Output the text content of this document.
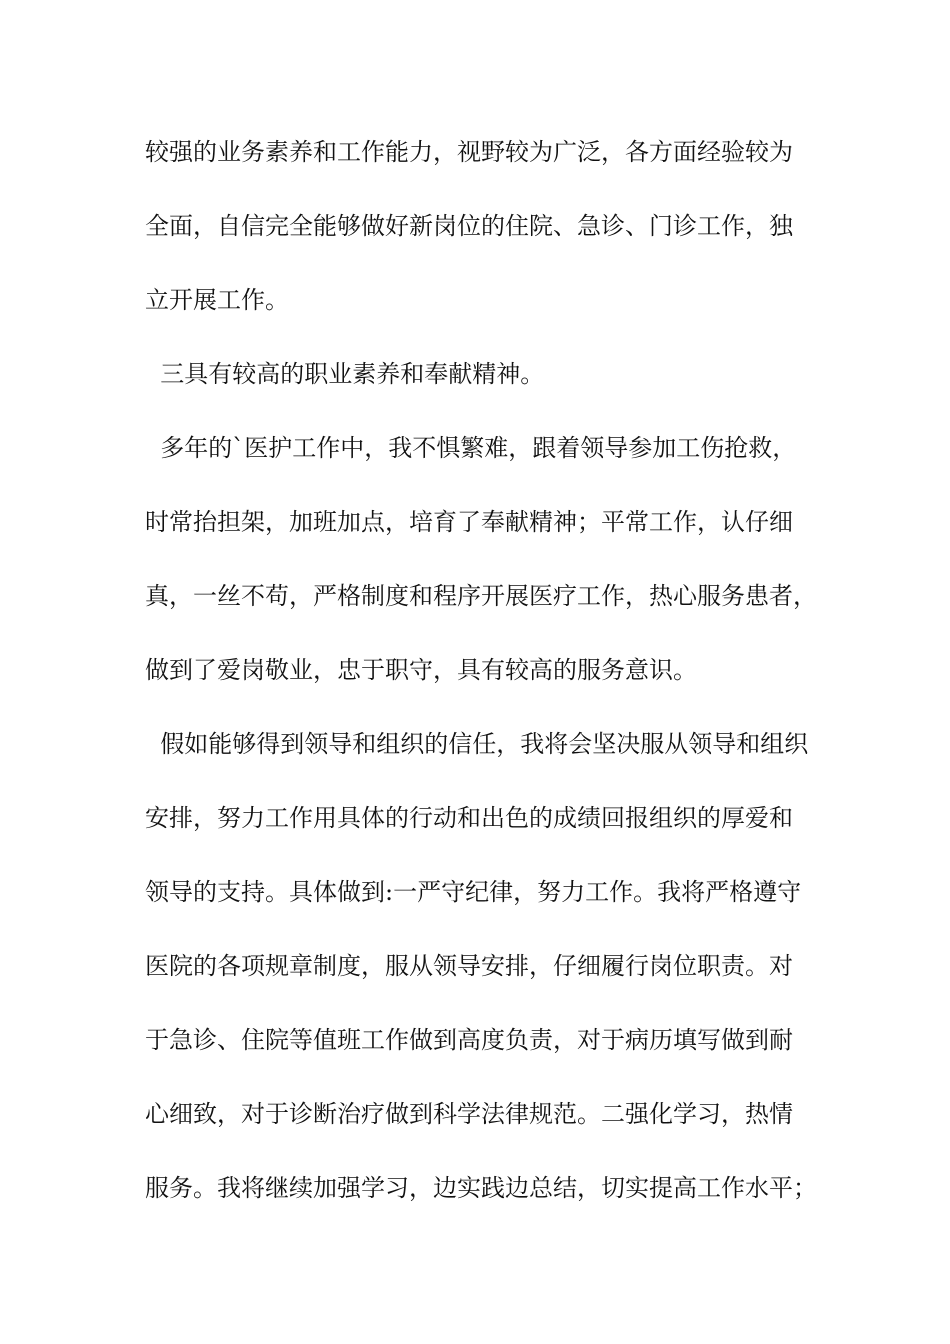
较强的业务素养和工作能力，视野较为广泛，各方面经验较为
全面，自信完全能够做好新岗位的住院、急诊、门诊工作，独
立开展工作。
三具有较高的职业素养和奉献精神。
多年的`医护工作中，我不惧繁难，跟着领导参加工伤抢救，
时常抬担架，加班加点，培育了奉献精神；平常工作，认仔细
真，一丝不苟，严格制度和程序开展医疗工作，热心服务患者，
做到了爱岗敬业，忠于职守，具有较高的服务意识。
假如能够得到领导和组织的信任，我将会坚决服从领导和组织
安排，努力工作用具体的行动和出色的成绩回报组织的厚爱和
领导的支持。具体做到:一严守纪律，努力工作。我将严格遵守
医院的各项规章制度，服从领导安排，仔细履行岗位职责。对
于急诊、住院等值班工作做到高度负责，对于病历填写做到耐
心细致，对于诊断治疗做到科学法律规范。二强化学习，热情
服务。我将继续加强学习，边实践边总结，切实提高工作水平；
